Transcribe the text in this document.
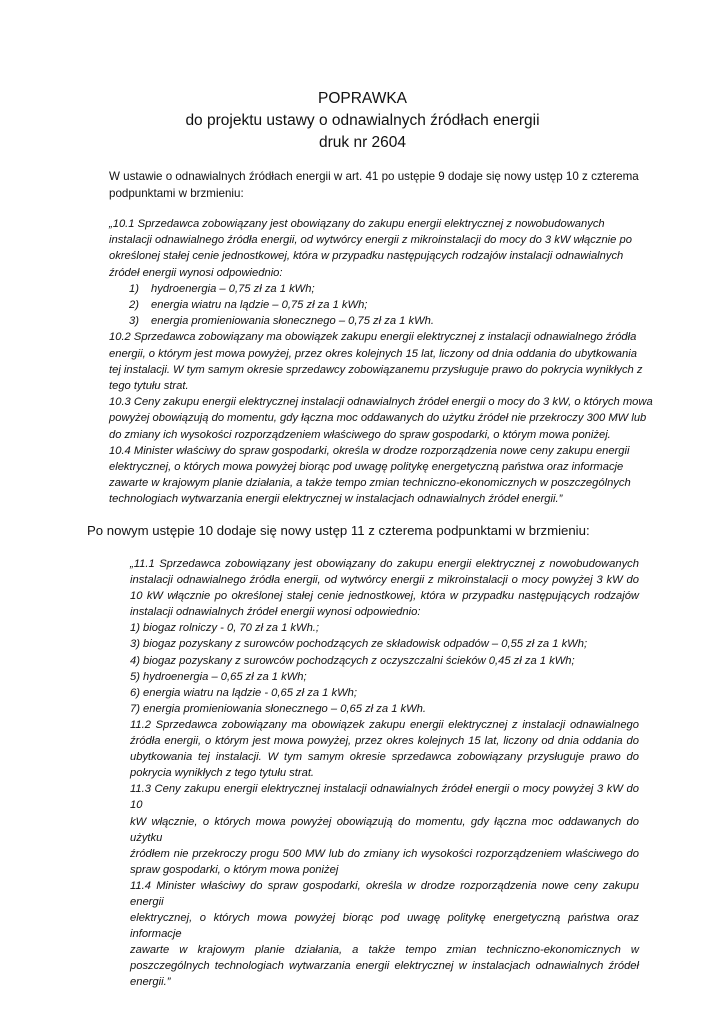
POPRAWKA
do projektu ustawy o odnawialnych źródłach energii
druk nr 2604
W ustawie o odnawialnych źródłach energii w art. 41 po ustępie 9 dodaje się nowy ustęp 10 z czterema
podpunktami w brzmieniu:
„10.1 Sprzedawca zobowiązany jest obowiązany do zakupu energii elektrycznej z nowobudowanych
instalacji odnawialnego źródła energii, od wytwórcy energii z mikroinstalacji do mocy do 3 kW włącznie po
określonej stałej cenie jednostkowej, która w przypadku następujących rodzajów instalacji odnawialnych
źródeł energii wynosi odpowiednio:
1) hydroenergia – 0,75 zł za 1 kWh;
2) energia wiatru na lądzie – 0,75 zł za 1 kWh;
3) energia promieniowania słonecznego – 0,75 zł za 1 kWh.
10.2 Sprzedawca zobowiązany ma obowiązek zakupu energii elektrycznej z instalacji odnawialnego źródła
energii, o którym jest mowa powyżej, przez okres kolejnych 15 lat, liczony od dnia oddania do ubytkowania
tej instalacji. W tym samym okresie sprzedawcy zobowiązanemu przysługuje prawo do pokrycia wynikłych z
tego tytułu strat.
10.3 Ceny zakupu energii elektrycznej instalacji odnawialnych źródeł energii o mocy do 3 kW, o których mowa
powyżej obowiązują do momentu, gdy łączna moc oddawanych do użytku źródeł nie przekroczy 300 MW lub
do zmiany ich wysokości rozporządzeniem właściwego do spraw gospodarki, o którym mowa poniżej.
10.4 Minister właściwy do spraw gospodarki, określa w drodze rozporządzenia nowe ceny zakupu energii
elektrycznej, o których mowa powyżej biorąc pod uwagę politykę energetyczną państwa oraz informacje
zawarte w krajowym planie działania, a także tempo zmian techniczno-ekonomicznych w poszczególnych
technologiach wytwarzania energii elektrycznej w instalacjach odnawialnych źródeł energii.”
Po nowym ustępie 10 dodaje się nowy ustęp 11 z czterema podpunktami w brzmieniu:
„11.1 Sprzedawca zobowiązany jest obowiązany do zakupu energii elektrycznej z nowobudowanych
instalacji odnawialnego źródła energii, od wytwórcy energii z mikroinstalacji o mocy powyżej 3 kW do
10 kW włącznie po określonej stałej cenie jednostkowej, która w przypadku następujących rodzajów
instalacji odnawialnych źródeł energii wynosi odpowiednio:
1) biogaz rolniczy - 0, 70 zł za 1 kWh.;
3) biogaz pozyskany z surowców pochodzących ze składowisk odpadów – 0,55 zł za 1 kWh;
4) biogaz pozyskany z surowców pochodzących z oczyszczalni ścieków 0,45 zł za 1 kWh;
5) hydroenergia – 0,65 zł za 1 kWh;
6) energia wiatru na lądzie - 0,65 zł za 1 kWh;
7) energia promieniowania słonecznego – 0,65 zł za 1 kWh.
11.2 Sprzedawca zobowiązany ma obowiązek zakupu energii elektrycznej z instalacji odnawialnego
źródła energii, o którym jest mowa powyżej, przez okres kolejnych 15 lat, liczony od dnia oddania do
ubytkowania tej instalacji. W tym samym okresie sprzedawca zobowiązany przysługuje prawo do
pokrycia wynikłych z tego tytułu strat.
11.3 Ceny zakupu energii elektrycznej instalacji odnawialnych źródeł energii o mocy powyżej 3 kW do 10
kW włącznie, o których mowa powyżej obowiązują do momentu, gdy łączna moc oddawanych do użytku
źródłem nie przekroczy progu 500 MW lub do zmiany ich wysokości rozporządzeniem właściwego do
spraw gospodarki, o którym mowa poniżej
11.4 Minister właściwy do spraw gospodarki, określa w drodze rozporządzenia nowe ceny zakupu energii
elektrycznej, o których mowa powyżej biorąc pod uwagę politykę energetyczną państwa oraz informacje
zawarte w krajowym planie działania, a także tempo zmian techniczno-ekonomicznych w
poszczególnych technologiach wytwarzania energii elektrycznej w instalacjach odnawialnych źródeł
energii.”
